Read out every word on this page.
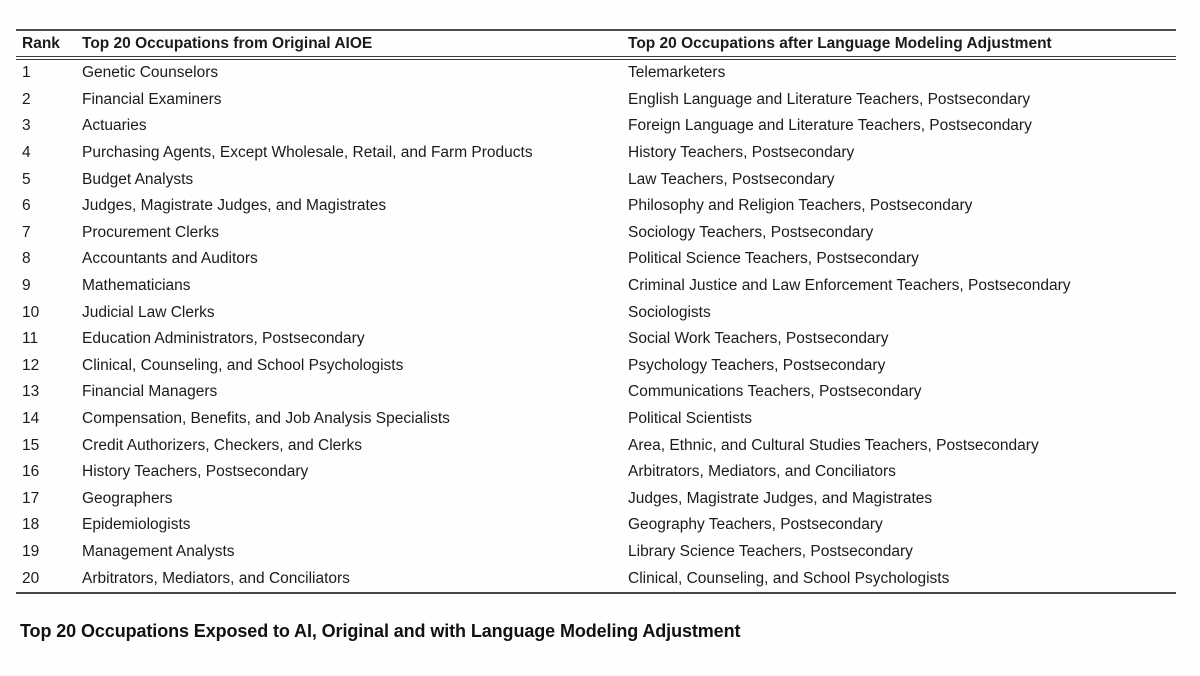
Rank	Top 20 Occupations from Original AIOE	Top 20 Occupations after Language Modeling Adjustment
1	Genetic Counselors	Telemarketers
2	Financial Examiners	English Language and Literature Teachers, Postsecondary
3	Actuaries	Foreign Language and Literature Teachers, Postsecondary
4	Purchasing Agents, Except Wholesale, Retail, and Farm Products	History Teachers, Postsecondary
5	Budget Analysts	Law Teachers, Postsecondary
6	Judges, Magistrate Judges, and Magistrates	Philosophy and Religion Teachers, Postsecondary
7	Procurement Clerks	Sociology Teachers, Postsecondary
8	Accountants and Auditors	Political Science Teachers, Postsecondary
9	Mathematicians	Criminal Justice and Law Enforcement Teachers, Postsecondary
10	Judicial Law Clerks	Sociologists
11	Education Administrators, Postsecondary	Social Work Teachers, Postsecondary
12	Clinical, Counseling, and School Psychologists	Psychology Teachers, Postsecondary
13	Financial Managers	Communications Teachers, Postsecondary
14	Compensation, Benefits, and Job Analysis Specialists	Political Scientists
15	Credit Authorizers, Checkers, and Clerks	Area, Ethnic, and Cultural Studies Teachers, Postsecondary
16	History Teachers, Postsecondary	Arbitrators, Mediators, and Conciliators
17	Geographers	Judges, Magistrate Judges, and Magistrates
18	Epidemiologists	Geography Teachers, Postsecondary
19	Management Analysts	Library Science Teachers, Postsecondary
20	Arbitrators, Mediators, and Conciliators	Clinical, Counseling, and School Psychologists
Top 20 Occupations Exposed to AI, Original and with Language Modeling Adjustment
